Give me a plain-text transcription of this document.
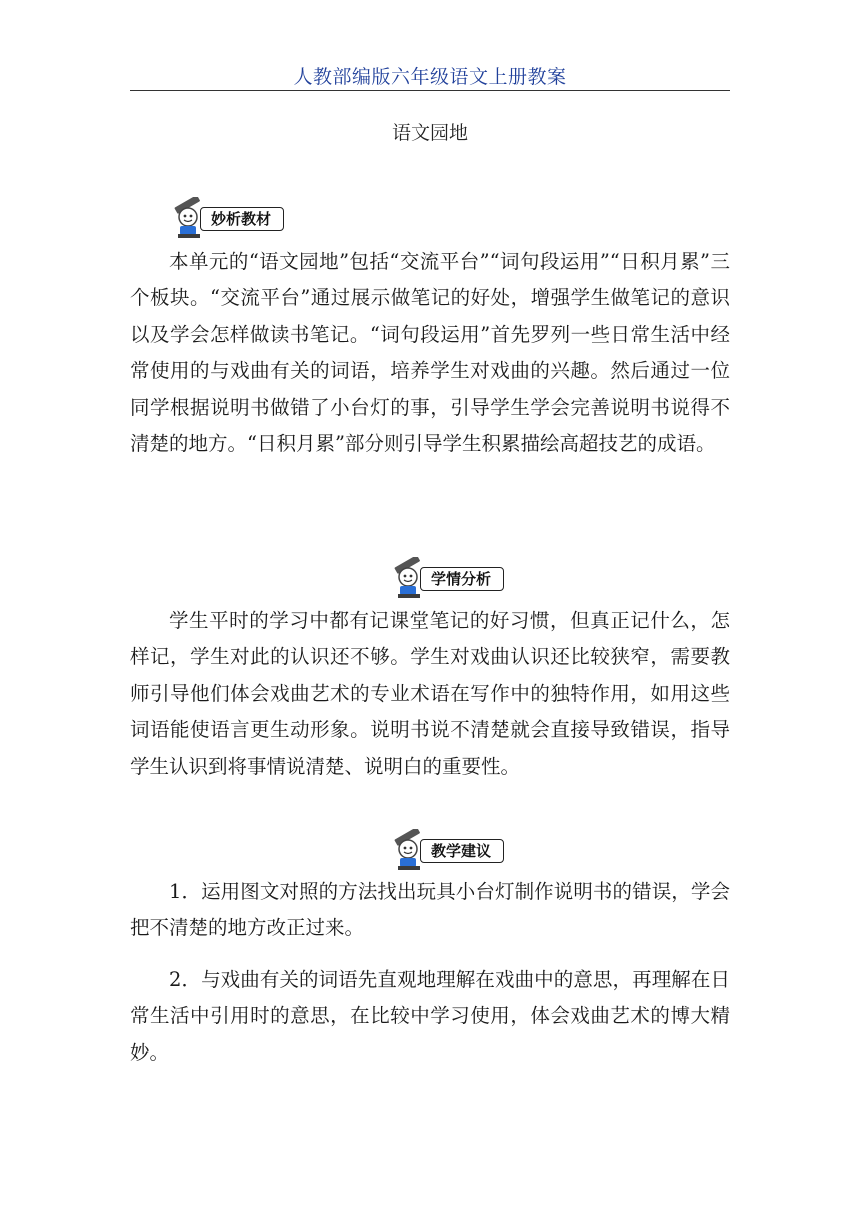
人教部编版六年级语文上册教案
语文园地
妙析教材

本单元的“语文园地”包括“交流平台”“词句段运用”“日积月累”三个板块。“交流平台”通过展示做笔记的好处，增强学生做笔记的意识以及学会怎样做读书笔记。“词句段运用”首先罗列一些日常生活中经常使用的与戏曲有关的词语，培养学生对戏曲的兴趣。然后通过一位同学根据说明书做错了小台灯的事，引导学生学会完善说明书说得不清楚的地方。“日积月累”部分则引导学生积累描绘高超技艺的成语。

学情分析

学生平时的学习中都有记课堂笔记的好习惯，但真正记什么，怎样记，学生对此的认识还不够。学生对戏曲认识还比较狭窄，需要教师引导他们体会戏曲艺术的专业术语在写作中的独特作用，如用这些词语能使语言更生动形象。说明书说不清楚就会直接导致错误，指导学生认识到将事情说清楚、说明白的重要性。

教学建议

1．运用图文对照的方法找出玩具小台灯制作说明书的错误，学会把不清楚的地方改正过来。

2．与戏曲有关的词语先直观地理解在戏曲中的意思，再理解在日常生活中引用时的意思，在比较中学习使用，体会戏曲艺术的博大精妙。
